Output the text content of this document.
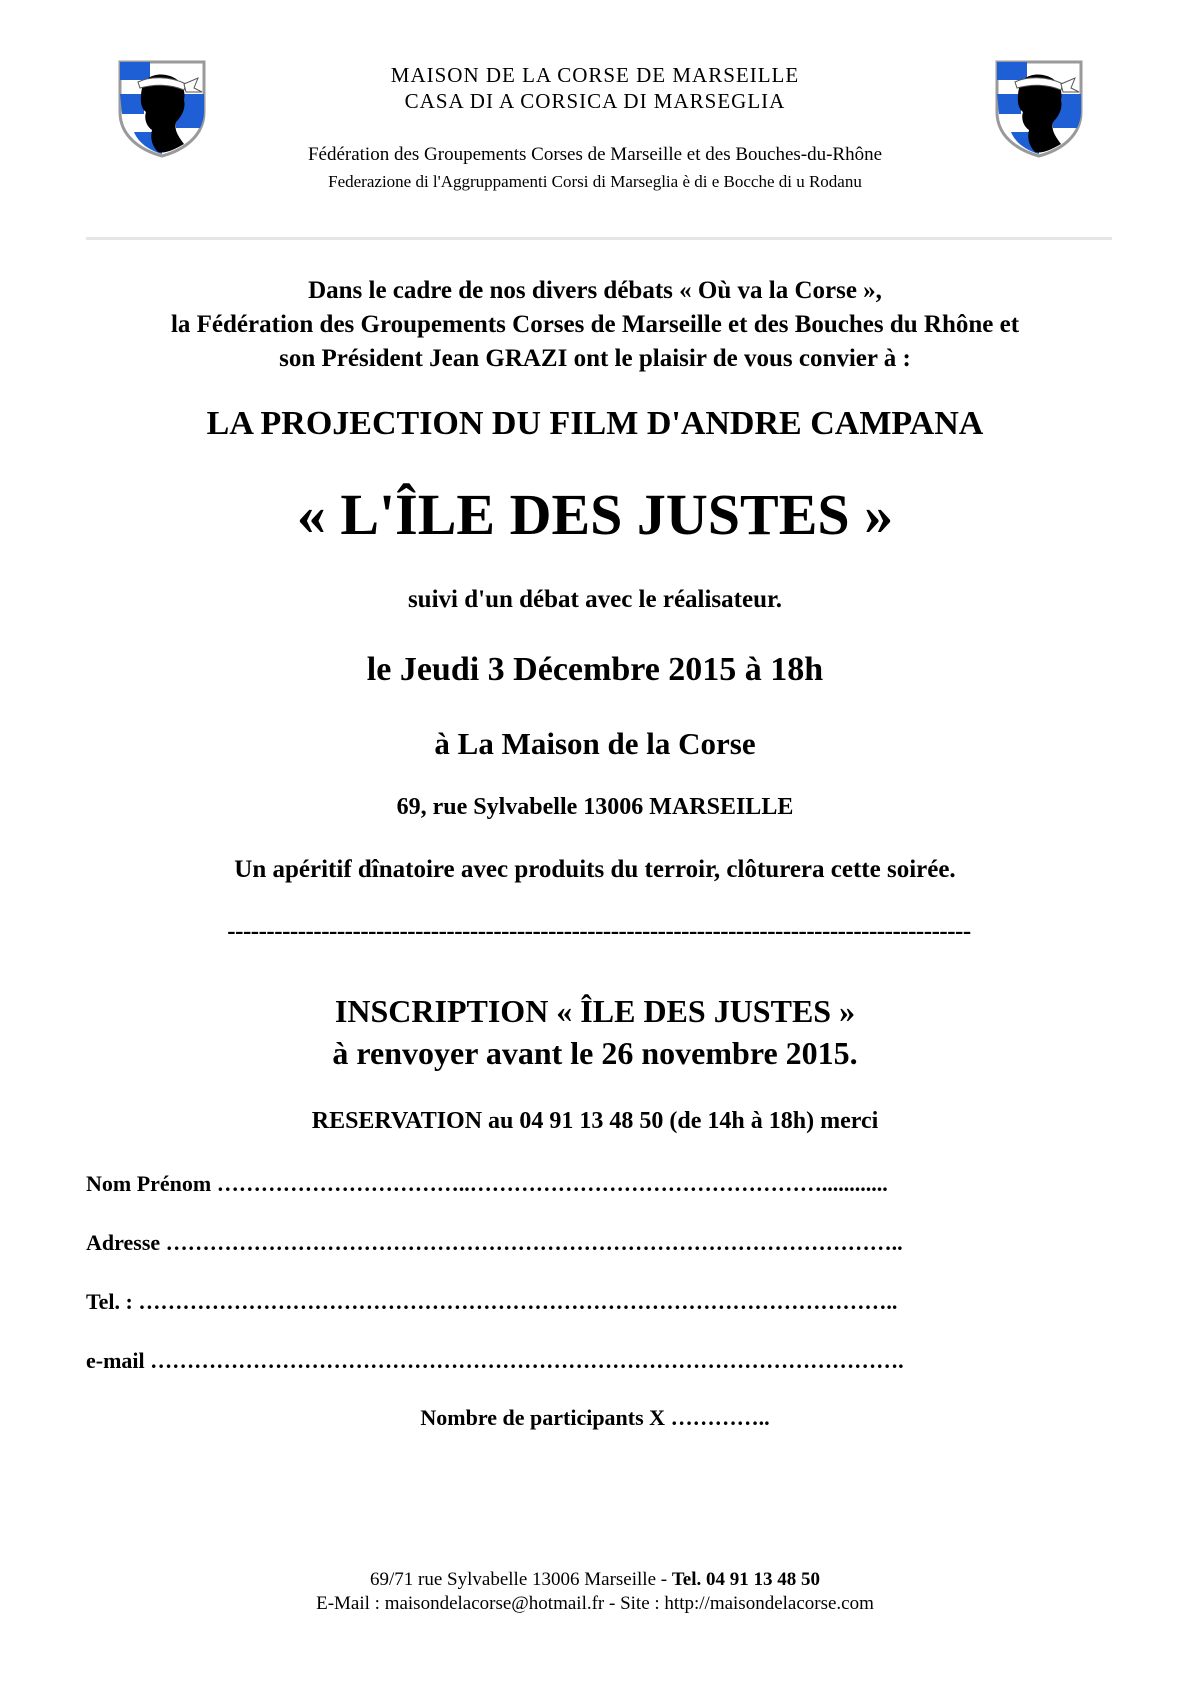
MAISON DE LA CORSE DE MARSEILLE
CASA DI A CORSICA DI MARSEGLIA
Fédération des Groupements Corses de Marseille et des Bouches-du-Rhône
Federazione di l'Aggruppamenti Corsi di Marseglia è di e Bocche di u Rodanu
Dans le cadre de nos divers débats « Où va la Corse »,
la Fédération des Groupements Corses de Marseille et des Bouches du Rhône et
son Président Jean GRAZI ont le plaisir de vous convier à :
LA PROJECTION DU FILM D'ANDRE CAMPANA
« L'ÎLE DES JUSTES »
suivi d'un débat avec le réalisateur.
le Jeudi 3 Décembre 2015 à 18h
à La Maison de la Corse
69, rue Sylvabelle 13006 MARSEILLE
Un apéritif dînatoire avec produits du terroir, clôturera cette soirée.
-----------------------------------------------------------------------------------------------
INSCRIPTION « ÎLE DES JUSTES »
à renvoyer avant le 26 novembre 2015.
RESERVATION au 04 91 13 48 50 (de 14h à 18h) merci
Nom Prénom ……………………………..…………………………………………............
Adresse ………………………………………………………………………………………..
Tel. : …………………………………………………………………………………………..
e-mail ………………………………………………………………………………………….
Nombre de participants X …………..
69/71 rue Sylvabelle 13006 Marseille - Tel. 04 91 13 48 50
E-Mail : maisondelacorse@hotmail.fr - Site : http://maisondelacorse.com
